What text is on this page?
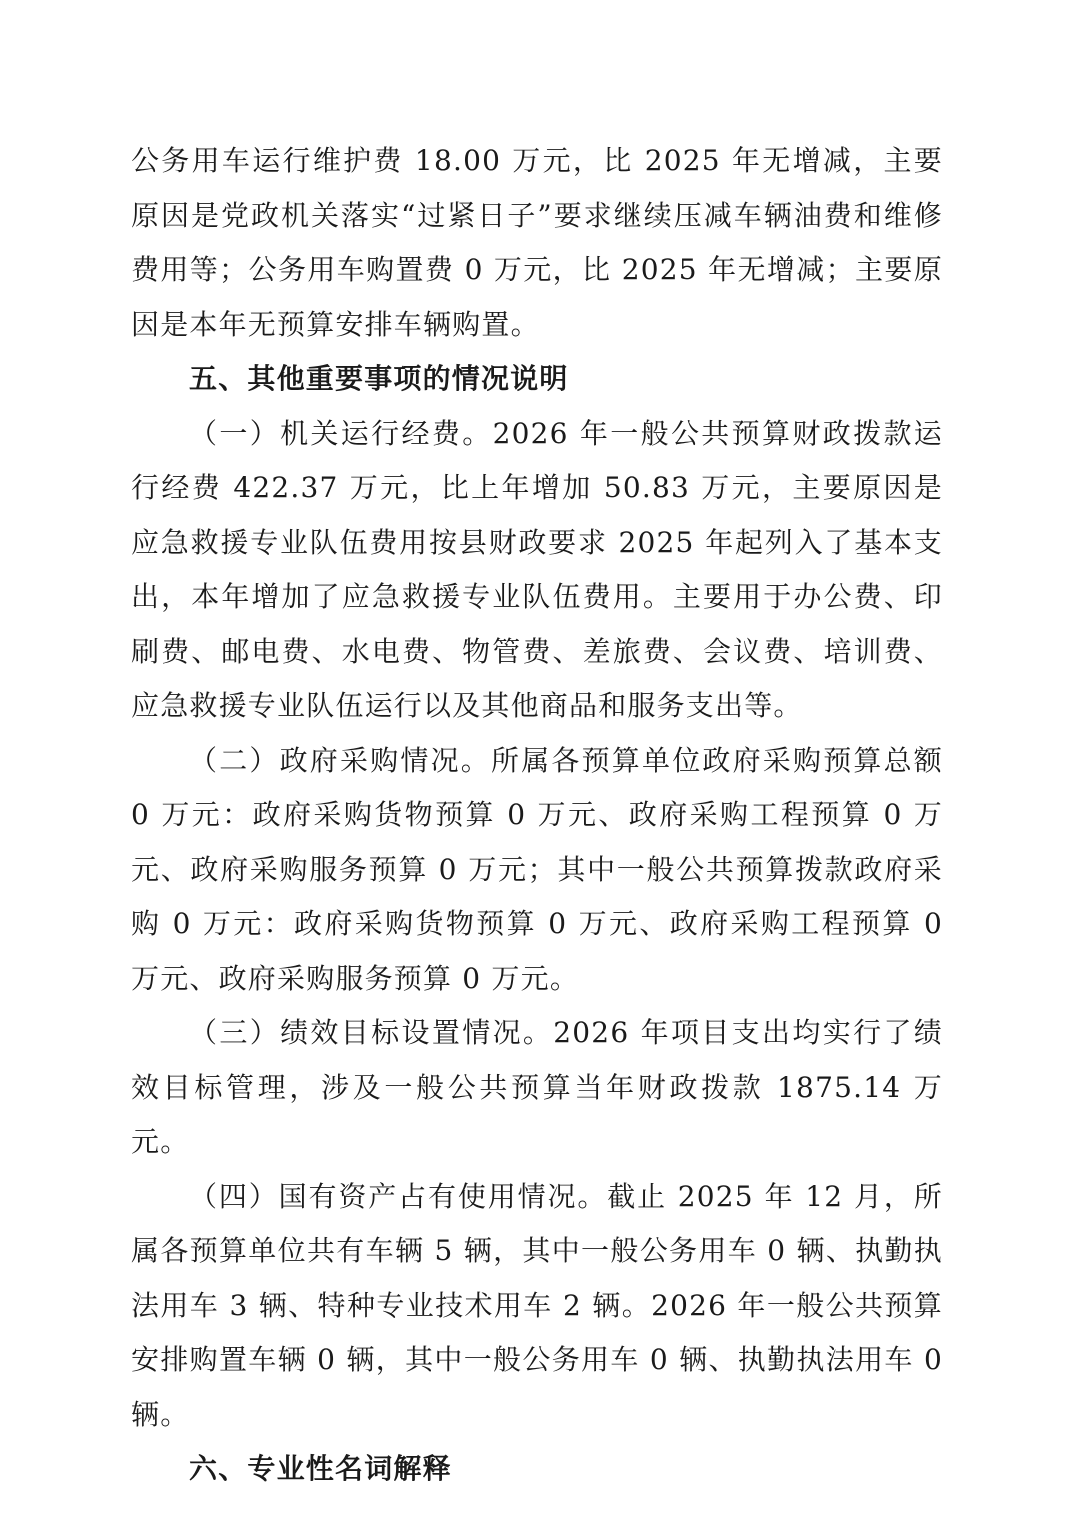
公务用车运行维护费 18.00 万元，比 2025 年无增减，主要原因是党政机关落实“过紧日子”要求继续压减车辆油费和维修费用等；公务用车购置费 0 万元，比 2025 年无增减；主要原因是本年无预算安排车辆购置。

五、其他重要事项的情况说明

（一）机关运行经费。2026 年一般公共预算财政拨款运行经费 422.37 万元，比上年增加 50.83 万元，主要原因是应急救援专业队伍费用按县财政要求 2025 年起列入了基本支出，本年增加了应急救援专业队伍费用。主要用于办公费、印刷费、邮电费、水电费、物管费、差旅费、会议费、培训费、应急救援专业队伍运行以及其他商品和服务支出等。

（二）政府采购情况。所属各预算单位政府采购预算总额 0 万元：政府采购货物预算 0 万元、政府采购工程预算 0 万元、政府采购服务预算 0 万元；其中一般公共预算拨款政府采购 0 万元：政府采购货物预算 0 万元、政府采购工程预算 0 万元、政府采购服务预算 0 万元。

（三）绩效目标设置情况。2026 年项目支出均实行了绩效目标管理，涉及一般公共预算当年财政拨款 1875.14 万元。

（四）国有资产占有使用情况。截止 2025 年 12 月，所属各预算单位共有车辆 5 辆，其中一般公务用车 0 辆、执勤执法用车 3 辆、特种专业技术用车 2 辆。2026 年一般公共预算安排购置车辆 0 辆，其中一般公务用车 0 辆、执勤执法用车 0 辆。

六、专业性名词解释
